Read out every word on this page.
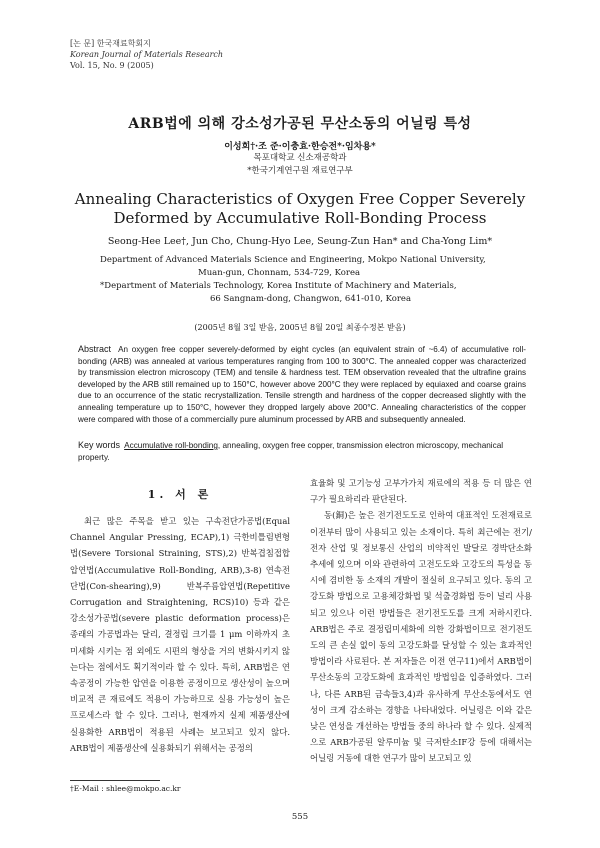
[논 문] 한국재료학회지
Korean Journal of Materials Research
Vol. 15, No. 9 (2005)
ARB법에 의해 강소성가공된 무산소동의 어닐링 특성
이성희†·조 준·이충효·한승전*·임차용*
목포대학교 신소재공학과
*한국기계연구원 재료연구부
Annealing Characteristics of Oxygen Free Copper Severely Deformed by Accumulative Roll-Bonding Process
Seong-Hee Lee†, Jun Cho, Chung-Hyo Lee, Seung-Zun Han* and Cha-Yong Lim*
Department of Advanced Materials Science and Engineering, Mokpo National University,
Muan-gun, Chonnam, 534-729, Korea
*Department of Materials Technology, Korea Institute of Machinery and Materials,
66 Sangnam-dong, Changwon, 641-010, Korea
(2005년 8월 3일 받음, 2005년 8월 20일 최종수정본 받음)
Abstract An oxygen free copper severely-deformed by eight cycles (an equivalent strain of ~6.4) of accumulative roll-bonding (ARB) was annealed at various temperatures ranging from 100 to 300°C. The annealed copper was characterized by transmission electron microscopy (TEM) and tensile & hardness test. TEM observation revealed that the ultrafine grains developed by the ARB still remained up to 150°C, however above 200°C they were replaced by equiaxed and coarse grains due to an occurrence of the static recrystallization. Tensile strength and hardness of the copper decreased slightly with the annealing temperature up to 150°C, however they dropped largely above 200°C. Annealing characteristics of the copper were compared with those of a commercially pure aluminum processed by ARB and subsequently annealed.
Key words Accumulative roll-bonding, annealing, oxygen free copper, transmission electron microscopy, mechanical property.
1. 서 론

최근 많은 주목을 받고 있는 구속전단가공법(Equal Channel Angular Pressing, ECAP),1) 극한비틀림변형법(Severe Torsional Straining, STS),2) 반복겹침접합압연법(Accumulative Roll-Bonding, ARB),3-8) 연속전단법(Con-shearing),9) 반복주름압연법(Repetitive Corrugation and Straightening, RCS)10) 등과 같은 강소성가공법(severe plastic deformation process)은 종래의 가공법과는 달리, 결정립 크기를 1 μm 이하까지 초미세화 시키는 점 외에도 시편의 형상을 거의 변화시키지 않는다는 점에서도 획기적이라 할 수 있다. 특히, ARB법은 연속공정이 가능한 압연을 이용한 공정이므로 생산성이 높으며 비교적 큰 재료에도 적용이 가능하므로 실용 가능성이 높은 프로세스라 할 수 있다. 그러나, 현재까지 실제 제품생산에 실용화한 ARB법이 적용된 사례는 보고되고 있지 않다. ARB법이 제품생산에 실용화되기 위해서는 공정의

효율화 및 고기능성 고부가가치 재료에의 적용 등 더 많은 연구가 필요하리라 판단된다.

동(銅)은 높은 전기전도도로 인하여 대표적인 도전재료로 이전부터 많이 사용되고 있는 소재이다. 특히 최근에는 전기/전자 산업 및 정보통신 산업의 비약적인 발달로 경박단소화 추세에 있으며 이와 관련하여 고전도도와 고강도의 특성을 동시에 겸비한 동 소재의 개발이 절실히 요구되고 있다. 동의 고강도화 방법으로 고용체강화법 및 석출경화법 등이 널리 사용되고 있으나 이런 방법들은 전기전도도를 크게 저하시킨다. ARB법은 주로 결정립미세화에 의한 강화법이므로 전기전도도의 큰 손실 없이 동의 고강도화를 달성할 수 있는 효과적인 방법이라 사료된다. 본 저자들은 이전 연구11)에서 ARB법이 무산소동의 고강도화에 효과적인 방법임을 입증하였다. 그러나, 다른 ARB된 금속들3,4)과 유사하게 무산소동에서도 연성이 크게 감소하는 경향을 나타내었다. 어닐링은 이와 같은 낮은 연성을 개선하는 방법들 중의 하나라 할 수 있다. 실제적으로 ARB가공된 알루미늄 및 극저탄소IF강 등에 대해서는 어닐링 거동에 대한 연구가 많이 보고되고 있

†E-Mail : shlee@mokpo.ac.kr
555
